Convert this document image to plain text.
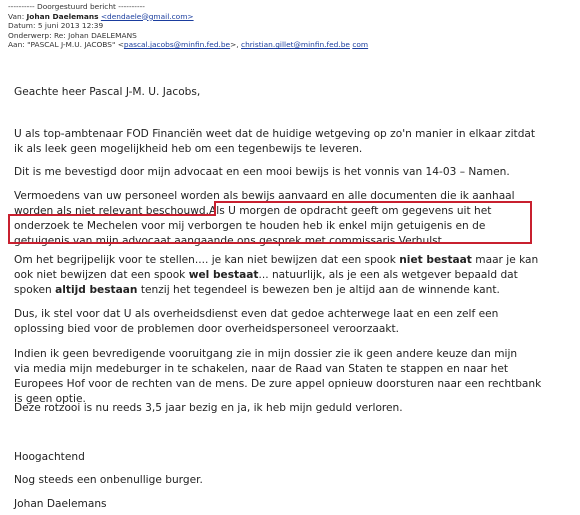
---------- Doorgestuurd bericht ----------
Van: Johan Daelemans <dendaele@gmail.com>
Datum: 5 juni 2013 12:39
Onderwerp: Re: Johan DAELEMANS
Aan: "PASCAL J-M.U. JACOBS" <pascal.jacobs@minfin.fed.be>, christian.gillet@minfin.fed.be com

Geachte heer Pascal J-M. U. Jacobs,

U als top-ambtenaar FOD Financiën weet dat de huidige wetgeving op zo'n manier in elkaar zitdat
ik als leek geen mogelijkheid heb om een tegenbewijs te leveren.

Dit is me bevestigd door mijn advocaat en een mooi bewijs is het vonnis van 14-03 – Namen.

Vermoedens van uw personeel worden als bewijs aanvaard en alle documenten die ik aanhaal
worden als niet relevant beschouwd.Als U morgen de opdracht geeft om gegevens uit het
onderzoek te Mechelen voor mij verborgen te houden heb ik enkel mijn getuigenis en de
getuigenis van mijn advocaat aangaande ons gesprek met commissaris Verhulst.

Om het begrijpelijk voor te stellen.... je kan niet bewijzen dat een spook niet bestaat maar je kan
ook niet bewijzen dat een spook wel bestaat... natuurlijk, als je een als wetgever bepaald dat
spoken altijd bestaan tenzij het tegendeel is bewezen ben je altijd aan de winnende kant.

Dus, ik stel voor dat U als overheidsdienst even dat gedoe achterwege laat en een zelf een
oplossing bied voor de problemen door overheidspersoneel veroorzaakt.

Indien ik geen bevredigende vooruitgang zie in mijn dossier zie ik geen andere keuze dan mijn
via media mijn medeburger in te schakelen, naar de Raad van Staten te stappen en naar het
Europees Hof voor de rechten van de mens. De zure appel opnieuw doorsturen naar een rechtbank
is geen optie.

Deze rotzooi is nu reeds 3,5 jaar bezig en ja, ik heb mijn geduld verloren.

Hoogachtend

Nog steeds een onbenullige burger.

Johan Daelemans
